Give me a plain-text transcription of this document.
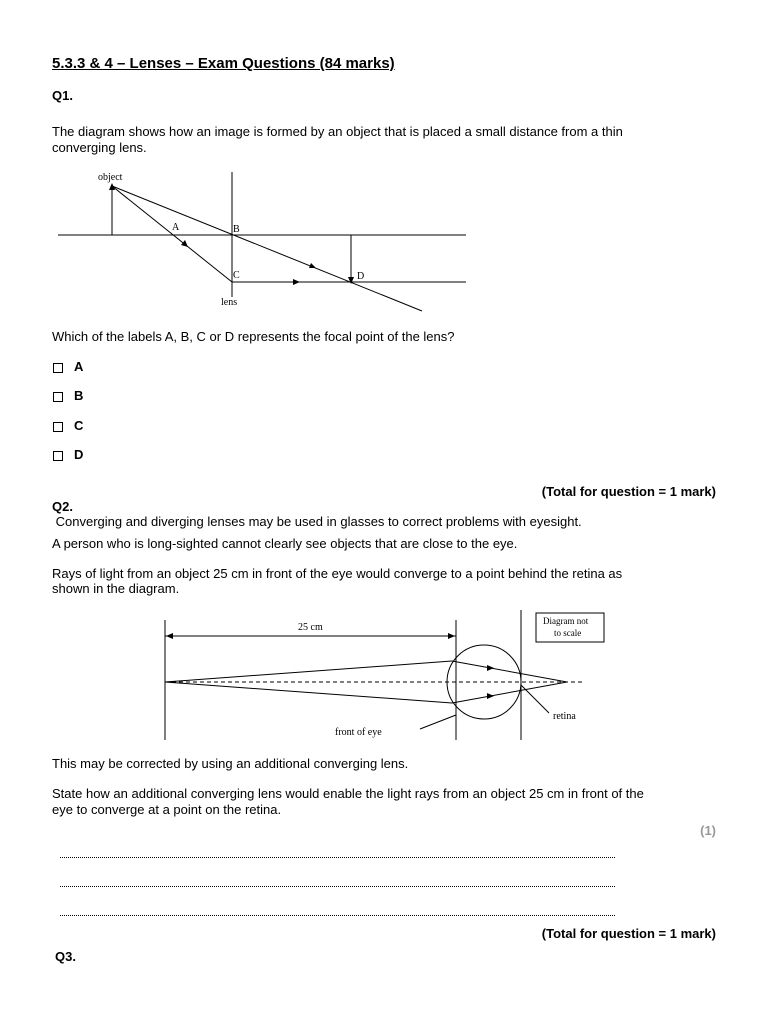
5.3.3 & 4 – Lenses – Exam Questions (84 marks)
Q1.
The diagram shows how an image is formed by an object that is placed a small distance from a thin
converging lens.
object
A	B
C	D
lens
Which of the labels A, B, C or D represents the focal point of the lens?
A
B
C
D
(Total for question = 1 mark)
Q2.
Converging and diverging lenses may be used in glasses to correct problems with eyesight.
A person who is long-sighted cannot clearly see objects that are close to the eye.
Rays of light from an object 25 cm in front of the eye would converge to a point behind the retina as
shown in the diagram.
25 cm
Diagram not
to scale
front of eye
retina
This may be corrected by using an additional converging lens.
State how an additional converging lens would enable the light rays from an object 25 cm in front of the
eye to converge at a point on the retina.
(1)
(Total for question = 1 mark)
Q3.
